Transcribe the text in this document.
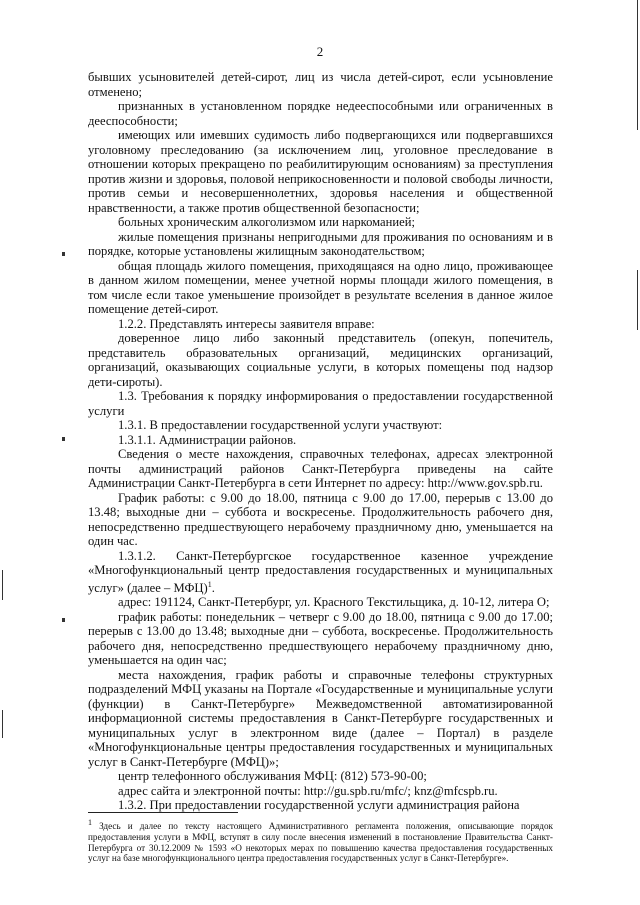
2

бывших усыновителей детей-сирот, лиц из числа детей-сирот, если усыновление отменено;

признанных в установленном порядке недееспособными или ограниченных в дееспособности;

имеющих или имевших судимость либо подвергающихся или подвергавшихся уголовному преследованию (за исключением лиц, уголовное преследование в отношении которых прекращено по реабилитирующим основаниям) за преступления против жизни и здоровья, половой неприкосновенности и половой свободы личности, против семьи и несовершеннолетних, здоровья населения и общественной нравственности, а также против общественной безопасности;

больных хроническим алкоголизмом или наркоманией;

жилые помещения признаны непригодными для проживания по основаниям и в порядке, которые установлены жилищным законодательством;

общая площадь жилого помещения, приходящаяся на одно лицо, проживающее в данном жилом помещении, менее учетной нормы площади жилого помещения, в том числе если такое уменьшение произойдет в результате вселения в данное жилое помещение детей-сирот.

1.2.2. Представлять интересы заявителя вправе:

доверенное лицо либо законный представитель (опекун, попечитель, представитель образовательных организаций, медицинских организаций, организаций, оказывающих социальные услуги, в которых помещены под надзор дети-сироты).

1.3. Требования к порядку информирования о предоставлении государственной услуги

1.3.1. В предоставлении государственной услуги участвуют:

1.3.1.1. Администрации районов.

Сведения о месте нахождения, справочных телефонах, адресах электронной почты администраций районов Санкт-Петербурга приведены на сайте Администрации Санкт-Петербурга в сети Интернет по адресу: http://www.gov.spb.ru.

График работы: с 9.00 до 18.00, пятница с 9.00 до 17.00, перерыв с 13.00 до 13.48; выходные дни – суббота и воскресенье. Продолжительность рабочего дня, непосредственно предшествующего нерабочему праздничному дню, уменьшается на один час.

1.3.1.2. Санкт-Петербургское государственное казенное учреждение «Многофункциональный центр предоставления государственных и муниципальных услуг» (далее – МФЦ)$^1$.

адрес: 191124, Санкт-Петербург, ул. Красного Текстильщика, д. 10-12, литера О;

график работы: понедельник – четверг с 9.00 до 18.00, пятница с 9.00 до 17.00; перерыв с 13.00 до 13.48; выходные дни – суббота, воскресенье. Продолжительность рабочего дня, непосредственно предшествующего нерабочему праздничному дню, уменьшается на один час;

места нахождения, график работы и справочные телефоны структурных подразделений МФЦ указаны на Портале «Государственные и муниципальные услуги (функции) в Санкт-Петербурге» Межведомственной автоматизированной информационной системы предоставления в Санкт-Петербурге государственных и муниципальных услуг в электронном виде (далее – Портал) в разделе «Многофункциональные центры предоставления государственных и муниципальных услуг в Санкт-Петербурге (МФЦ)»;

центр телефонного обслуживания МФЦ: (812) 573-90-00;

адрес сайта и электронной почты: http://gu.spb.ru/mfc/; knz@mfcspb.ru.

1.3.2. При предоставлении государственной услуги администрация района

$^1$ Здесь и далее по тексту настоящего Административного регламента положения, описывающие порядок предоставления услуги в МФЦ, вступят в силу после внесения изменений в постановление Правительства Санкт-Петербурга от 30.12.2009 № 1593 «О некоторых мерах по повышению качества предоставления государственных услуг на базе многофункционального центра предоставления государственных услуг в Санкт-Петербурге».
